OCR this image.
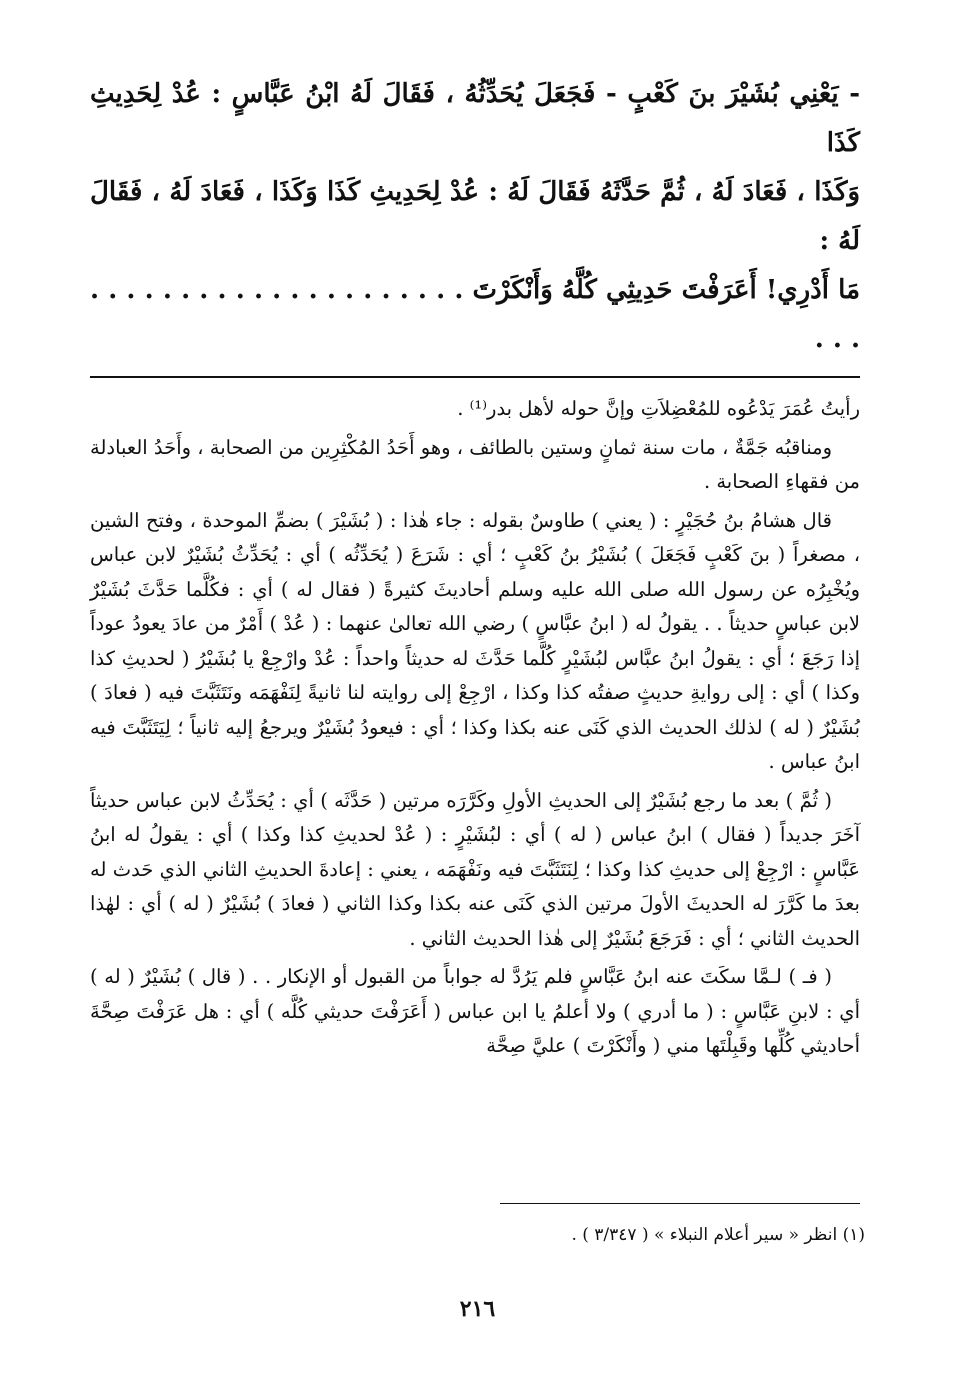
- يَعْنِي بُشَيْرَ بنَ كَعْبٍ - فَجَعَلَ يُحَدِّثُهُ ، فَقَالَ لَهُ ابْنُ عَبَّاسٍ : عُدْ لِحَدِيثِ كَذَا

وَكَذَا ، فَعَادَ لَهُ ، ثُمَّ حَدَّثَهُ فَقَالَ لَهُ : عُدْ لِحَدِيثِ كَذَا وَكَذَا ، فَعَادَ لَهُ ، فَقَالَ لَهُ :

مَا أَدْرِي! أَعَرَفْتَ حَدِيثِي كُلَّهُ وَأَنْكَرْتَ . . . . . . . . . . . . . . . . . . . . . . . .

رأيتُ عُمَرَ يَدْعُوه للمُعْضِلاَتِ وإنَّ حوله لأهل بدر⁽¹⁾ .

ومناقبُه جَمَّةٌ ، مات سنة ثمانٍ وستين بالطائف ، وهو أَحَدُ المُكْثِرِين من الصحابة ، وأَحَدُ العبادلة من فقهاءِ الصحابة .

قال هشامُ بنُ حُجَيْرٍ : ( يعني ) طاوسٌ بقوله : جاء هٰذا : ( بُشَيْرَ ) بضمِّ الموحدة ، وفتح الشين ، مصغراً ( بنَ كَعْبٍ فَجَعَلَ ) بُشَيْرُ بنُ كَعْبٍ ؛ أي : شَرَعَ ( يُحَدِّثُه ) أي : يُحَدِّثُ بُشَيْرٌ لابن عباس ويُخْبِرُه عن رسول الله صلى الله عليه وسلم أحاديثَ كثيرةً ( فقال له ) أي : فكُلَّما حَدَّثَ بُشَيْرٌ لابن عباسٍ حديثاً . . يقولُ له ( ابنُ عبَّاسٍ ) رضي الله تعالىٰ عنهما : ( عُدْ ) أَمْرٌ من عادَ يعودُ عوداً إذا رَجَعَ ؛ أي : يقولُ ابنُ عبَّاس لبُشَيْرٍ كُلَّما حَدَّثَ له حديثاً واحداً : عُدْ وارْجِعْ يا بُشَيْرُ ( لحديثِ كذا وكذا ) أي : إلى روايةِ حديثٍ صفتُه كذا وكذا ، ارْجِعْ إلى روايته لنا ثانيةً لِنَفْهَمَه ونَتَثَبَّتَ فيه ( فعادَ ) بُشَيْرٌ ( له ) لذلك الحديث الذي كَنَى عنه بكذا وكذا ؛ أي : فيعودُ بُشَيْرٌ ويرجعُ إليه ثانياً ؛ لِيَتَثَبَّتَ فيه ابنُ عباس .

( ثُمَّ ) بعد ما رجع بُشَيْرٌ إلى الحديثِ الأولِ وكَرَّرَه مرتين ( حَدَّثَه ) أي : يُحَدِّثُ لابن عباس حديثاً آخَرَ جديداً ( فقال ) ابنُ عباس ( له ) أي : لبُشَيْرٍ : ( عُدْ لحديثِ كذا وكذا ) أي : يقولُ له ابنُ عَبَّاسٍ : ارْجِعْ إلى حديثِ كذا وكذا ؛ لِنَتَثَبَّتَ فيه ونَفْهَمَه ، يعني : إعادةَ الحديثِ الثاني الذي حَدث له بعدَ ما كَرَّرَ له الحديثَ الأولَ مرتين الذي كَنَى عنه بكذا وكذا الثاني ( فعادَ ) بُشَيْرٌ ( له ) أي : لهٰذا الحديث الثاني ؛ أي : فَرَجَعَ بُشَيْرٌ إلى هٰذا الحديث الثاني .

( فـ ) لـمَّا سكَتَ عنه ابنُ عَبَّاسٍ فلم يَرُدَّ له جواباً من القبول أو الإنكار . . ( قال ) بُشَيْرٌ ( له ) أي : لابنِ عَبَّاسٍ : ( ما أدري ) ولا أعلمُ يا ابن عباس ( أَعَرَفْتَ حديثي كُلَّه ) أي : هل عَرَفْتَ صِحَّةَ أحاديثي كُلِّها وقَبِلْتَها مني ( وأَنْكَرْتَ ) عليَّ صِحَّة

(١) انظر « سير أعلام النبلاء » ( ٣/٣٤٧ ) .
٢١٦
